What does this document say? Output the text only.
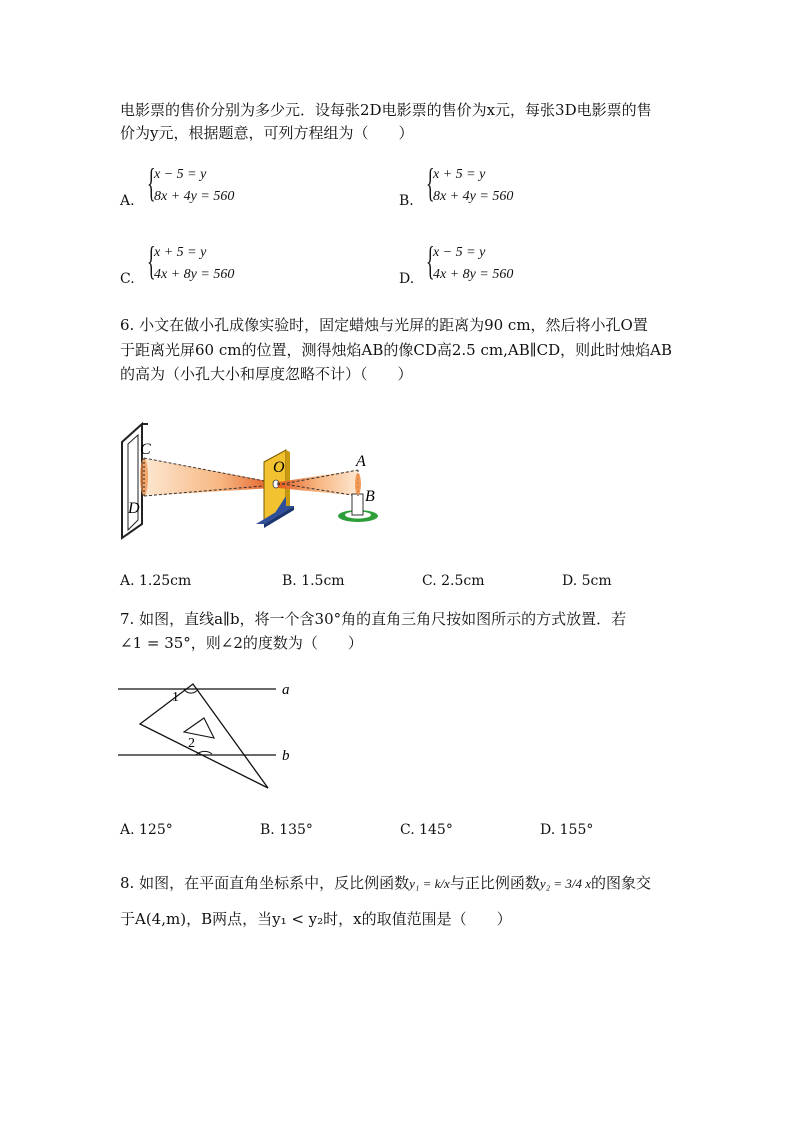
电影票的售价分别为多少元．设每张2D电影票的售价为x元，每张3D电影票的售
价为y元，根据题意，可列方程组为（　　）
A. {
x − 5 = y
8x + 4y = 560	B. {
x + 5 = y
8x + 4y = 560
C. {
x + 5 = y
4x + 8y = 560	D. {
x − 5 = y
4x + 8y = 560
6. 小文在做小孔成像实验时，固定蜡烛与光屏的距离为90 cm，然后将小孔O置
于距离光屏60 cm的位置，测得烛焰AB的像CD高2.5 cm,AB∥CD，则此时烛焰AB
的高为（小孔大小和厚度忽略不计）（　　）
C
D
O	A
B
A. 1.25cm	B. 1.5cm	C. 2.5cm	D. 5cm
7. 如图，直线a∥b，将一个含30°角的直角三角尺按如图所示的方式放置．若
∠1 = 35°，则∠2的度数为（　　）
a
b
1
2
A. 125°	B. 135°	C. 145°	D. 155°
8. 如图，在平面直角坐标系中，反比例函数y₁ = k/x与正比例函数y₂ = 3/4 x的图象交
于A(4,m)，B两点，当y₁ < y₂时，x的取值范围是（　　）
